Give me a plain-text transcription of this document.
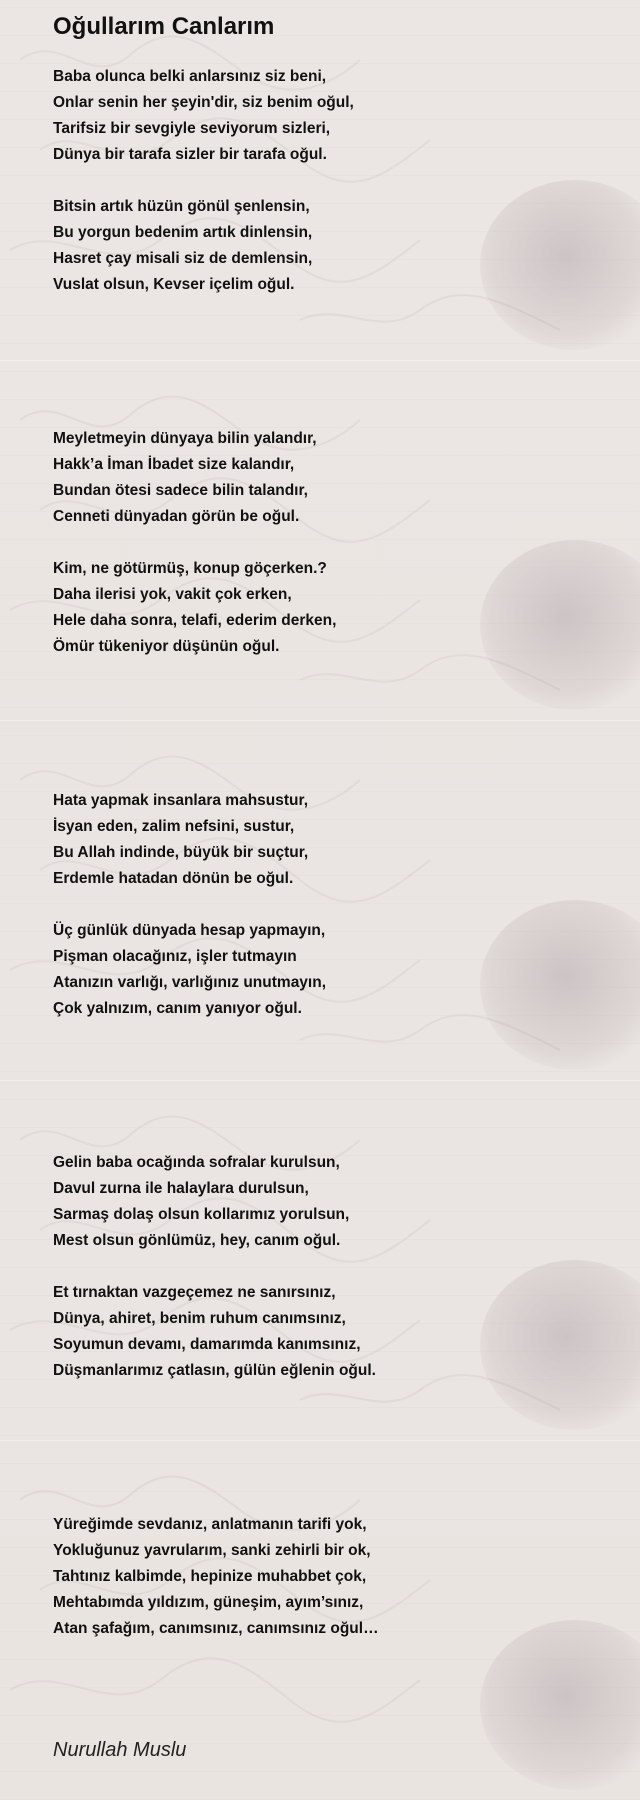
Oğullarım Canlarım
Baba olunca belki anlarsınız siz beni,
Onlar senin her şeyin'dir, siz benim oğul,
Tarifsiz bir sevgiyle seviyorum sizleri,
Dünya bir tarafa sizler bir tarafa oğul.
Bitsin artık hüzün gönül şenlensin,
Bu yorgun bedenim artık dinlensin,
Hasret çay misali siz de demlensin,
Vuslat olsun, Kevser içelim oğul.
Meyletmeyin dünyaya bilin yalandır,
Hakk’a İman İbadet size kalandır,
Bundan ötesi sadece bilin talandır,
Cenneti dünyadan görün be oğul.
Kim, ne götürmüş, konup göçerken.?
Daha ilerisi yok, vakit çok erken,
Hele daha sonra, telafi, ederim derken,
Ömür tükeniyor düşünün oğul.
Hata yapmak insanlara mahsustur,
İsyan eden, zalim nefsini, sustur,
Bu Allah indinde, büyük bir suçtur,
Erdemle hatadan dönün be oğul.
Üç günlük dünyada hesap yapmayın,
Pişman olacağınız, işler tutmayın
Atanızın varlığı, varlığınız unutmayın,
Çok yalnızım, canım yanıyor oğul.
Gelin baba ocağında sofralar kurulsun,
Davul zurna ile halaylara durulsun,
Sarmaş dolaş olsun kollarımız yorulsun,
Mest olsun gönlümüz, hey, canım oğul.
Et tırnaktan vazgeçemez ne sanırsınız,
Dünya, ahiret, benim ruhum canımsınız,
Soyumun devamı, damarımda kanımsınız,
Düşmanlarımız çatlasın, gülün eğlenin oğul.
Yüreğimde sevdanız, anlatmanın tarifi yok,
Yokluğunuz yavrularım, sanki zehirli bir ok,
Tahtınız kalbimde, hepinize muhabbet çok,
Mehtabımda yıldızım, güneşim, ayım’sınız,
Atan şafağım, canımsınız, canımsınız oğul…
Nurullah Muslu
